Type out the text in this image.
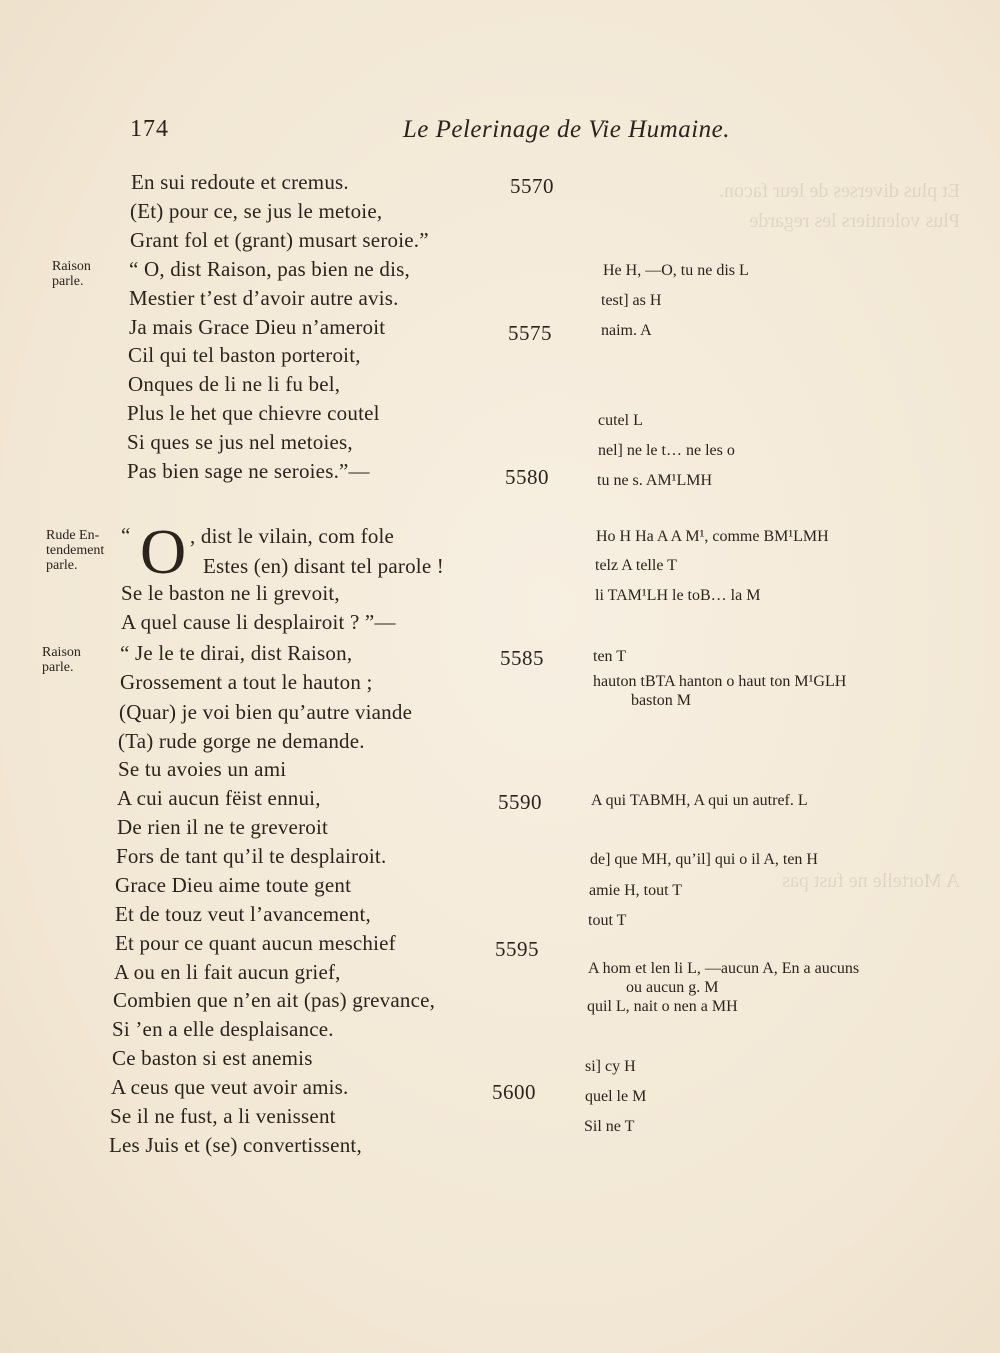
Et plus diverses de leur facon.
Plus volentiers les regarde
A Mortelle ne fust pas
174	Le Pelerinage de Vie Humaine.
En sui redoute et cremus.
(Et) pour ce, se jus le metoie,
Grant fol et (grant) musart seroie.”
“ O, dist Raison, pas bien ne dis,
Mestier t’est d’avoir autre avis.
Ja mais Grace Dieu n’ameroit
Cil qui tel baston porteroit,
Onques de li ne li fu bel,
Plus le het que chievre coutel
Si ques se jus nel metoies,
Pas bien sage ne seroies.”—
“ O , dist le vilain, com fole
Estes (en) disant tel parole !
Se le baston ne li grevoit,
A quel cause li desplairoit ? ”—
“ Je le te dirai, dist Raison,
Grossement a tout le hauton ;
(Quar) je voi bien qu’autre viande
(Ta) rude gorge ne demande.
Se tu avoies un ami
A cui aucun fëist ennui,
De rien il ne te greveroit
Fors de tant qu’il te desplairoit.
Grace Dieu aime toute gent
Et de touz veut l’avancement,
Et pour ce quant aucun meschief
A ou en li fait aucun grief,
Combien que n’en ait (pas) grevance,
Si ’en a elle desplaisance.
Ce baston si est anemis
A ceus que veut avoir amis.
Se il ne fust, a li venissent
Les Juis et (se) convertissent,
5570
5575
5580
5585
5590
5595
5600
Raison
parle.
Rude En-
tendement
parle.
Raison
parle.
He H, —O, tu ne dis L
test] as H
naim. A
cutel L
nel] ne le t… ne les o
tu ne s. AM¹LMH
Ho H Ha A A M¹, comme BM¹LMH
telz A telle T
li TAM¹LH le toB… la M
ten T
hauton tBTA hanton o haut ton M¹GLH
baston M
A qui TABMH, A qui un autref. L
de] que MH, qu’il] qui o il A, ten H
amie H, tout T
tout T
A hom et len li L, —aucun A, En a aucuns
ou aucun g. M
quil L, nait o nen a MH
si] cy H
quel le M
Sil ne T
